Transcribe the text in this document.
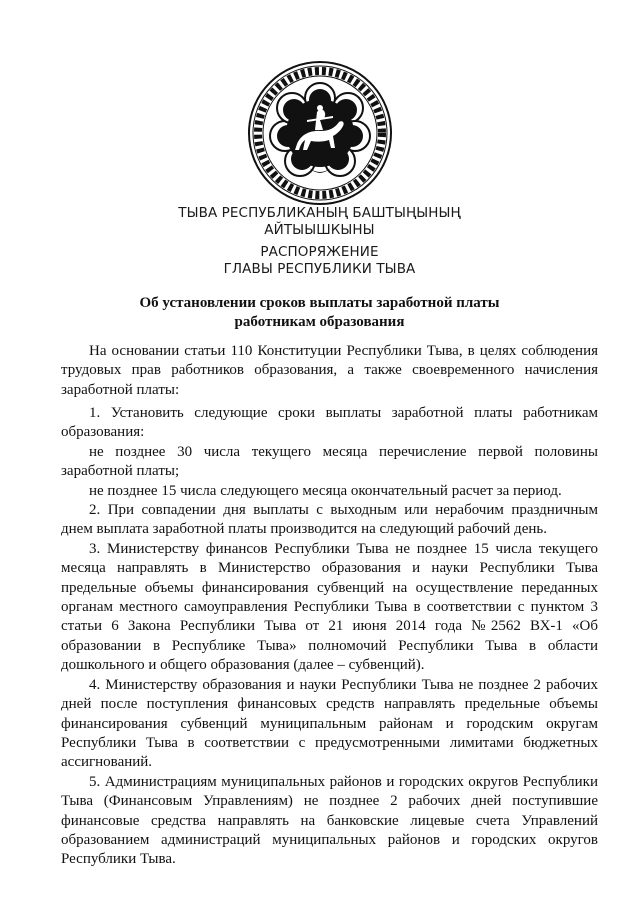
ТЫВА РЕСПУБЛИКАНЫҢ БАШТЫҢЫНЫҢ
АЙТЫЫШКЫНЫ
РАСПОРЯЖЕНИЕ
ГЛАВЫ РЕСПУБЛИКИ ТЫВА
Об установлении сроков выплаты заработной платы
работникам образования

На основании статьи 110 Конституции Республики Тыва, в целях соблюдения трудовых прав работников образования, а также своевременного начисления заработной платы:

1. Установить следующие сроки выплаты заработной платы работникам образования:

не позднее 30 числа текущего месяца перечисление первой половины заработной платы;

не позднее 15 числа следующего месяца окончательный расчет за период.

2. При совпадении дня выплаты с выходным или нерабочим праздничным днем выплата заработной платы производится на следующий рабочий день.

3. Министерству финансов Республики Тыва не позднее 15 числа текущего месяца направлять в Министерство образования и науки Республики Тыва предельные объемы финансирования субвенций на осуществление переданных органам местного самоуправления Республики Тыва в соответствии с пунктом 3 статьи 6 Закона Республики Тыва от 21 июня 2014 года №2562 ВХ-1 «Об образовании в Республике Тыва» полномочий Республики Тыва в области дошкольного и общего образования (далее – субвенций).

4. Министерству образования и науки Республики Тыва не позднее 2 рабочих дней после поступления финансовых средств направлять предельные объемы финансирования субвенций муниципальным районам и городским округам Республики Тыва в соответствии с предусмотренными лимитами бюджетных ассигнований.

5. Администрациям муниципальных районов и городских округов Республики Тыва (Финансовым Управлениям) не позднее 2 рабочих дней поступившие финансовые средства направлять на банковские лицевые счета Управлений образованием администраций муниципальных районов и городских округов Республики Тыва.
